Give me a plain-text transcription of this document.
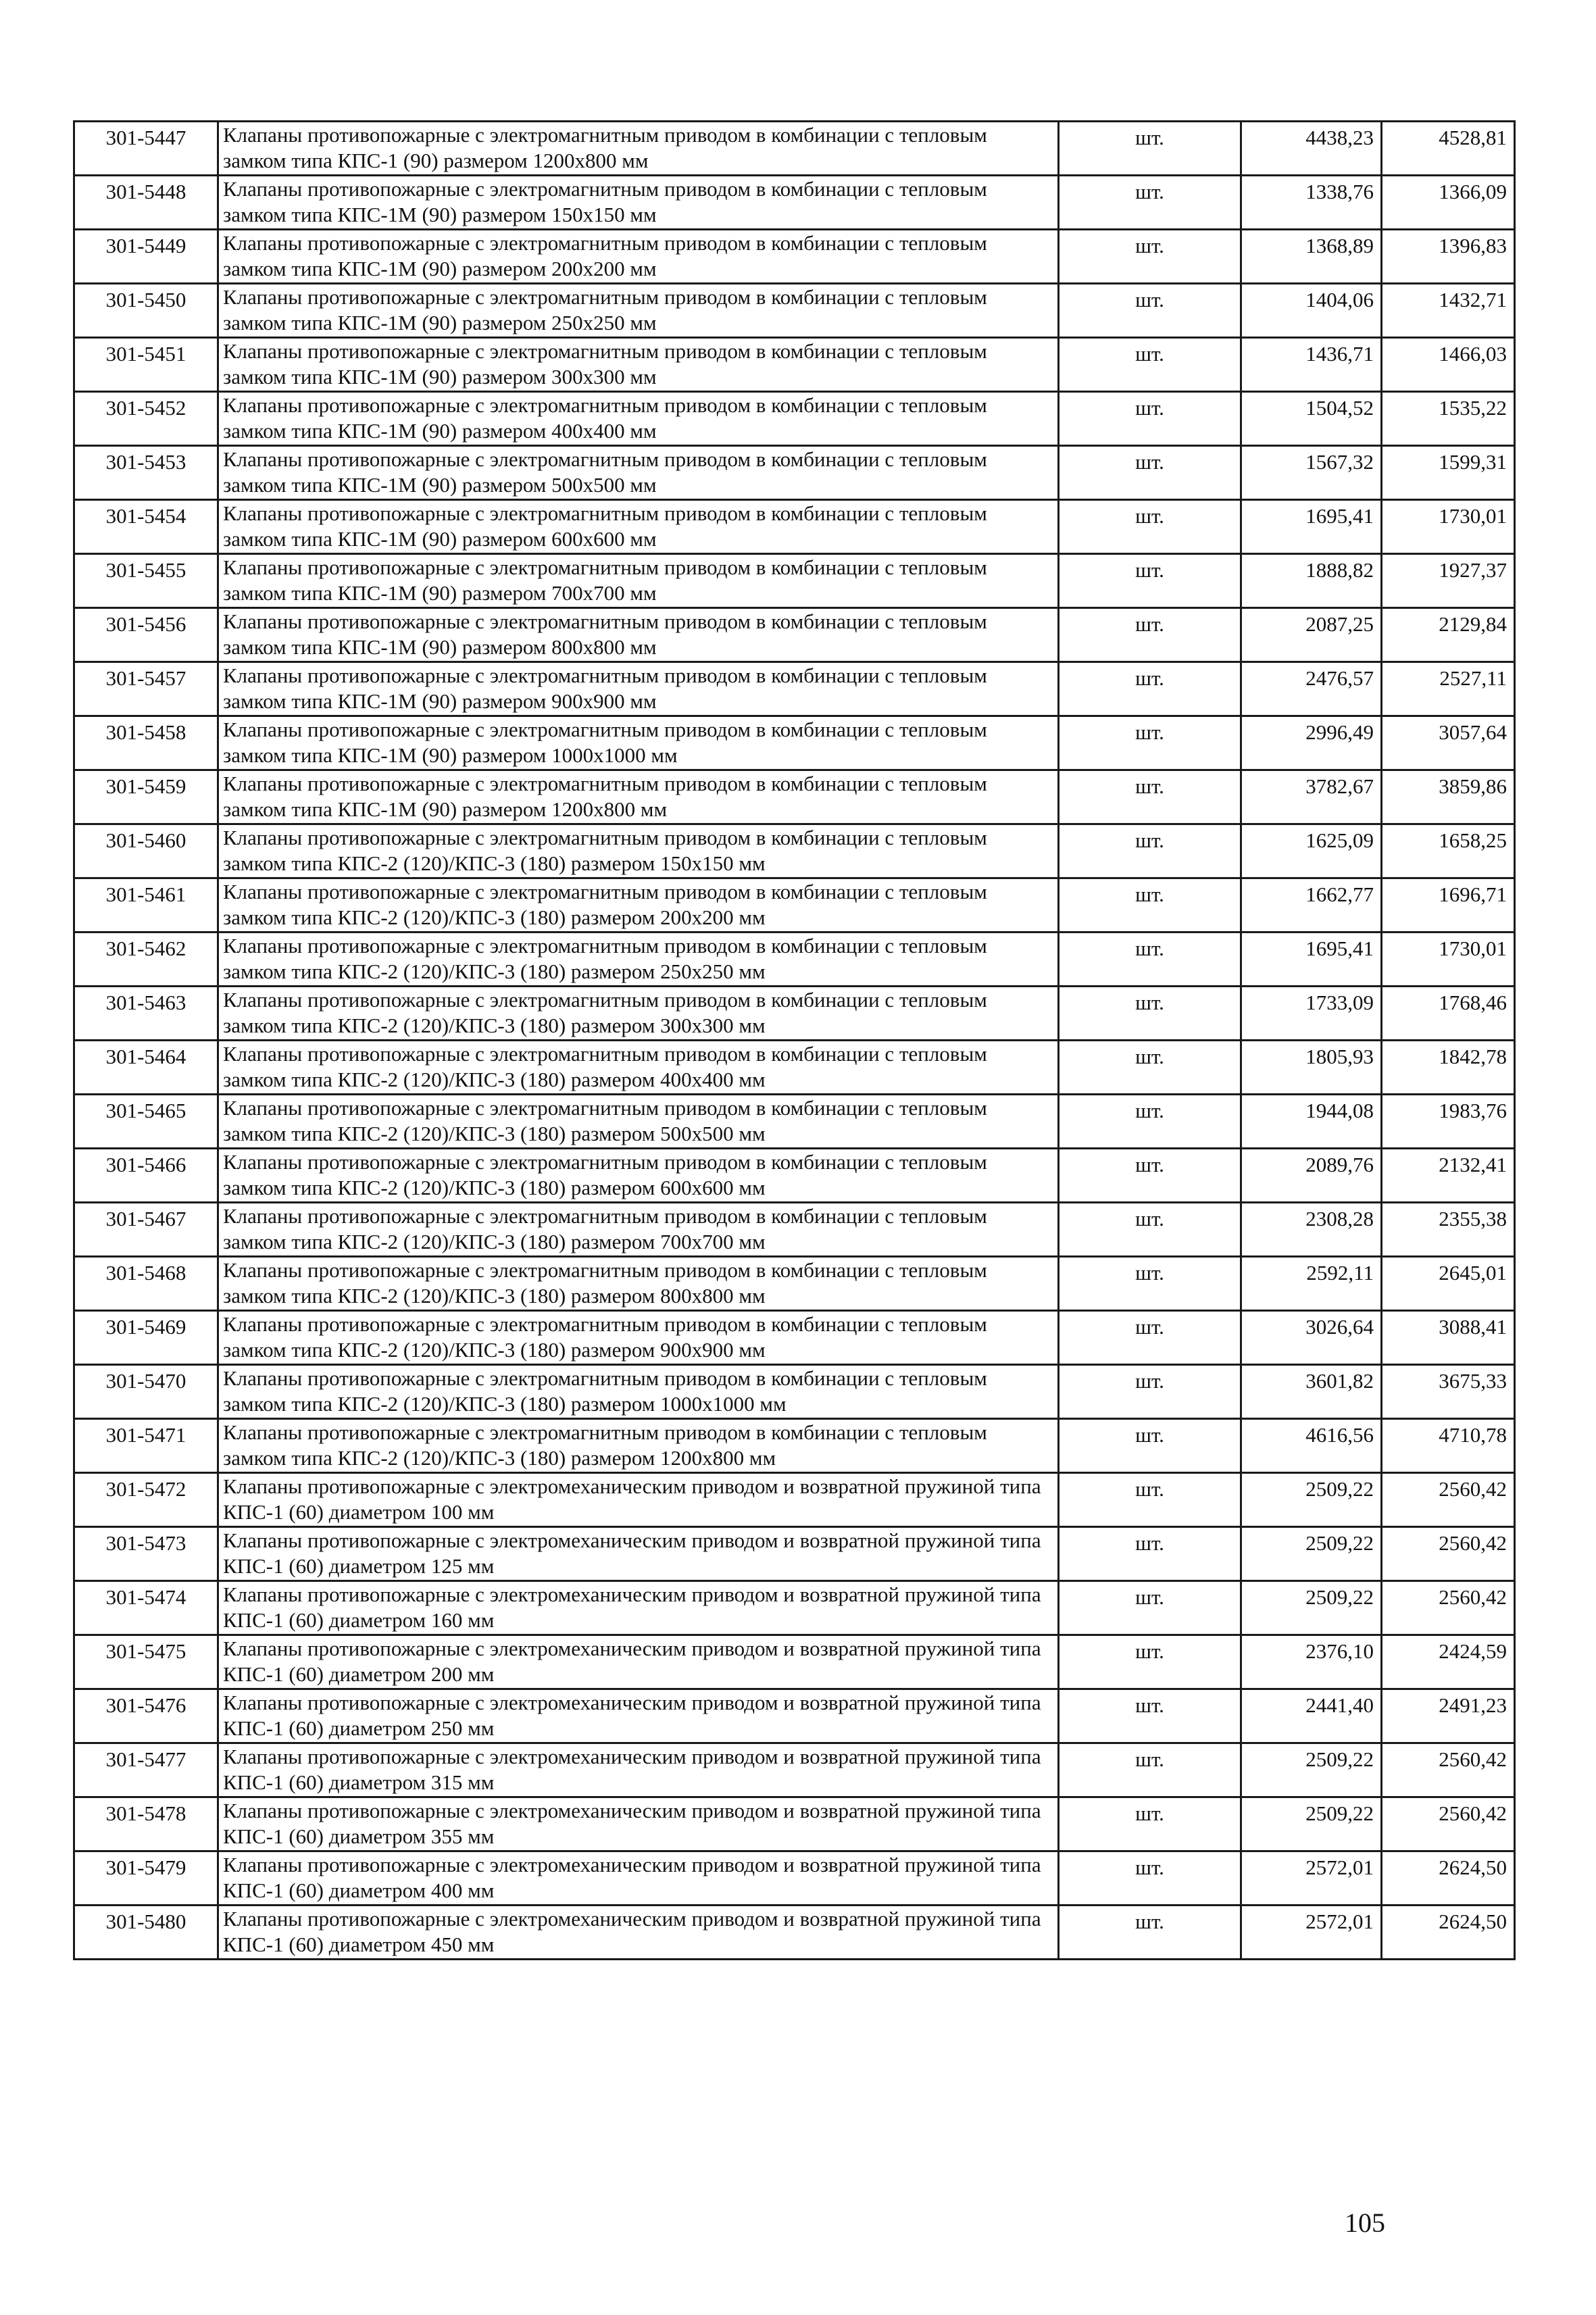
301-5447	Клапаны противопожарные с электромагнитным приводом в комбинации с тепловым замком типа КПС-1 (90) размером 1200x800 мм	шт.	4438,23	4528,81
301-5448	Клапаны противопожарные с электромагнитным приводом в комбинации с тепловым замком типа КПС-1М (90) размером 150x150 мм	шт.	1338,76	1366,09
301-5449	Клапаны противопожарные с электромагнитным приводом в комбинации с тепловым замком типа КПС-1М (90) размером 200x200 мм	шт.	1368,89	1396,83
301-5450	Клапаны противопожарные с электромагнитным приводом в комбинации с тепловым замком типа КПС-1М (90) размером 250x250 мм	шт.	1404,06	1432,71
301-5451	Клапаны противопожарные с электромагнитным приводом в комбинации с тепловым замком типа КПС-1М (90) размером 300x300 мм	шт.	1436,71	1466,03
301-5452	Клапаны противопожарные с электромагнитным приводом в комбинации с тепловым замком типа КПС-1М (90) размером 400x400 мм	шт.	1504,52	1535,22
301-5453	Клапаны противопожарные с электромагнитным приводом в комбинации с тепловым замком типа КПС-1М (90) размером 500x500 мм	шт.	1567,32	1599,31
301-5454	Клапаны противопожарные с электромагнитным приводом в комбинации с тепловым замком типа КПС-1М (90) размером 600x600 мм	шт.	1695,41	1730,01
301-5455	Клапаны противопожарные с электромагнитным приводом в комбинации с тепловым замком типа КПС-1М (90) размером 700x700 мм	шт.	1888,82	1927,37
301-5456	Клапаны противопожарные с электромагнитным приводом в комбинации с тепловым замком типа КПС-1М (90) размером 800x800 мм	шт.	2087,25	2129,84
301-5457	Клапаны противопожарные с электромагнитным приводом в комбинации с тепловым замком типа КПС-1М (90) размером 900x900 мм	шт.	2476,57	2527,11
301-5458	Клапаны противопожарные с электромагнитным приводом в комбинации с тепловым замком типа КПС-1М (90) размером 1000x1000 мм	шт.	2996,49	3057,64
301-5459	Клапаны противопожарные с электромагнитным приводом в комбинации с тепловым замком типа КПС-1М (90) размером 1200x800 мм	шт.	3782,67	3859,86
301-5460	Клапаны противопожарные с электромагнитным приводом в комбинации с тепловым замком типа КПС-2 (120)/КПС-3 (180) размером 150x150 мм	шт.	1625,09	1658,25
301-5461	Клапаны противопожарные с электромагнитным приводом в комбинации с тепловым замком типа КПС-2 (120)/КПС-3 (180) размером 200x200 мм	шт.	1662,77	1696,71
301-5462	Клапаны противопожарные с электромагнитным приводом в комбинации с тепловым замком типа КПС-2 (120)/КПС-3 (180) размером 250x250 мм	шт.	1695,41	1730,01
301-5463	Клапаны противопожарные с электромагнитным приводом в комбинации с тепловым замком типа КПС-2 (120)/КПС-3 (180) размером 300x300 мм	шт.	1733,09	1768,46
301-5464	Клапаны противопожарные с электромагнитным приводом в комбинации с тепловым замком типа КПС-2 (120)/КПС-3 (180) размером 400x400 мм	шт.	1805,93	1842,78
301-5465	Клапаны противопожарные с электромагнитным приводом в комбинации с тепловым замком типа КПС-2 (120)/КПС-3 (180) размером 500x500 мм	шт.	1944,08	1983,76
301-5466	Клапаны противопожарные с электромагнитным приводом в комбинации с тепловым замком типа КПС-2 (120)/КПС-3 (180) размером 600x600 мм	шт.	2089,76	2132,41
301-5467	Клапаны противопожарные с электромагнитным приводом в комбинации с тепловым замком типа КПС-2 (120)/КПС-3 (180) размером 700x700 мм	шт.	2308,28	2355,38
301-5468	Клапаны противопожарные с электромагнитным приводом в комбинации с тепловым замком типа КПС-2 (120)/КПС-3 (180) размером 800x800 мм	шт.	2592,11	2645,01
301-5469	Клапаны противопожарные с электромагнитным приводом в комбинации с тепловым замком типа КПС-2 (120)/КПС-3 (180) размером 900x900 мм	шт.	3026,64	3088,41
301-5470	Клапаны противопожарные с электромагнитным приводом в комбинации с тепловым замком типа КПС-2 (120)/КПС-3 (180) размером 1000x1000 мм	шт.	3601,82	3675,33
301-5471	Клапаны противопожарные с электромагнитным приводом в комбинации с тепловым замком типа КПС-2 (120)/КПС-3 (180) размером 1200x800 мм	шт.	4616,56	4710,78
301-5472	Клапаны противопожарные с электромеханическим приводом и возвратной пружиной типа КПС-1 (60) диаметром 100 мм	шт.	2509,22	2560,42
301-5473	Клапаны противопожарные с электромеханическим приводом и возвратной пружиной типа КПС-1 (60) диаметром 125 мм	шт.	2509,22	2560,42
301-5474	Клапаны противопожарные с электромеханическим приводом и возвратной пружиной типа КПС-1 (60) диаметром 160 мм	шт.	2509,22	2560,42
301-5475	Клапаны противопожарные с электромеханическим приводом и возвратной пружиной типа КПС-1 (60) диаметром 200 мм	шт.	2376,10	2424,59
301-5476	Клапаны противопожарные с электромеханическим приводом и возвратной пружиной типа КПС-1 (60) диаметром 250 мм	шт.	2441,40	2491,23
301-5477	Клапаны противопожарные с электромеханическим приводом и возвратной пружиной типа КПС-1 (60) диаметром 315 мм	шт.	2509,22	2560,42
301-5478	Клапаны противопожарные с электромеханическим приводом и возвратной пружиной типа КПС-1 (60) диаметром 355 мм	шт.	2509,22	2560,42
301-5479	Клапаны противопожарные с электромеханическим приводом и возвратной пружиной типа КПС-1 (60) диаметром 400 мм	шт.	2572,01	2624,50
301-5480	Клапаны противопожарные с электромеханическим приводом и возвратной пружиной типа КПС-1 (60) диаметром 450 мм	шт.	2572,01	2624,50
105
